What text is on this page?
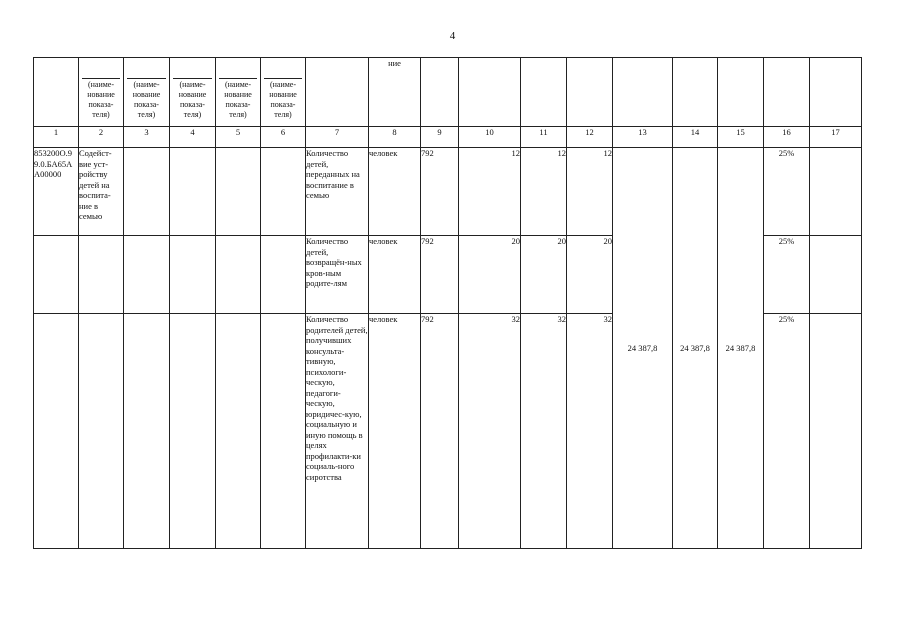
4

	(наиме-нование показа-теля)	(наиме-нование показа-теля)	(наиме-нование показа-теля)	(наиме-нование показа-теля)	(наиме-нование показа-теля)		ние									
1	2	3	4	5	6	7	8	9	10	11	12	13	14	15	16	17
853200О.99.0.БА65АА00000	Содейст-вие уст-ройству детей на воспита-ние в семью					Количество детей, переданных на воспитание в семью	человек	792	12	12	12	24 387,8	24 387,8	24 387,8	25%	
						Количество детей, возвращён-ных кров-ным родите-лям	человек	792	20	20	20				25%	
						Количество родителей детей, получивших консульта-тивную, психологи-ческую, педагоги-ческую, юридичес-кую, социальную и иную помощь в целях профилакти-ки социаль-ного сиротства	человек	792	32	32	32				25%	
